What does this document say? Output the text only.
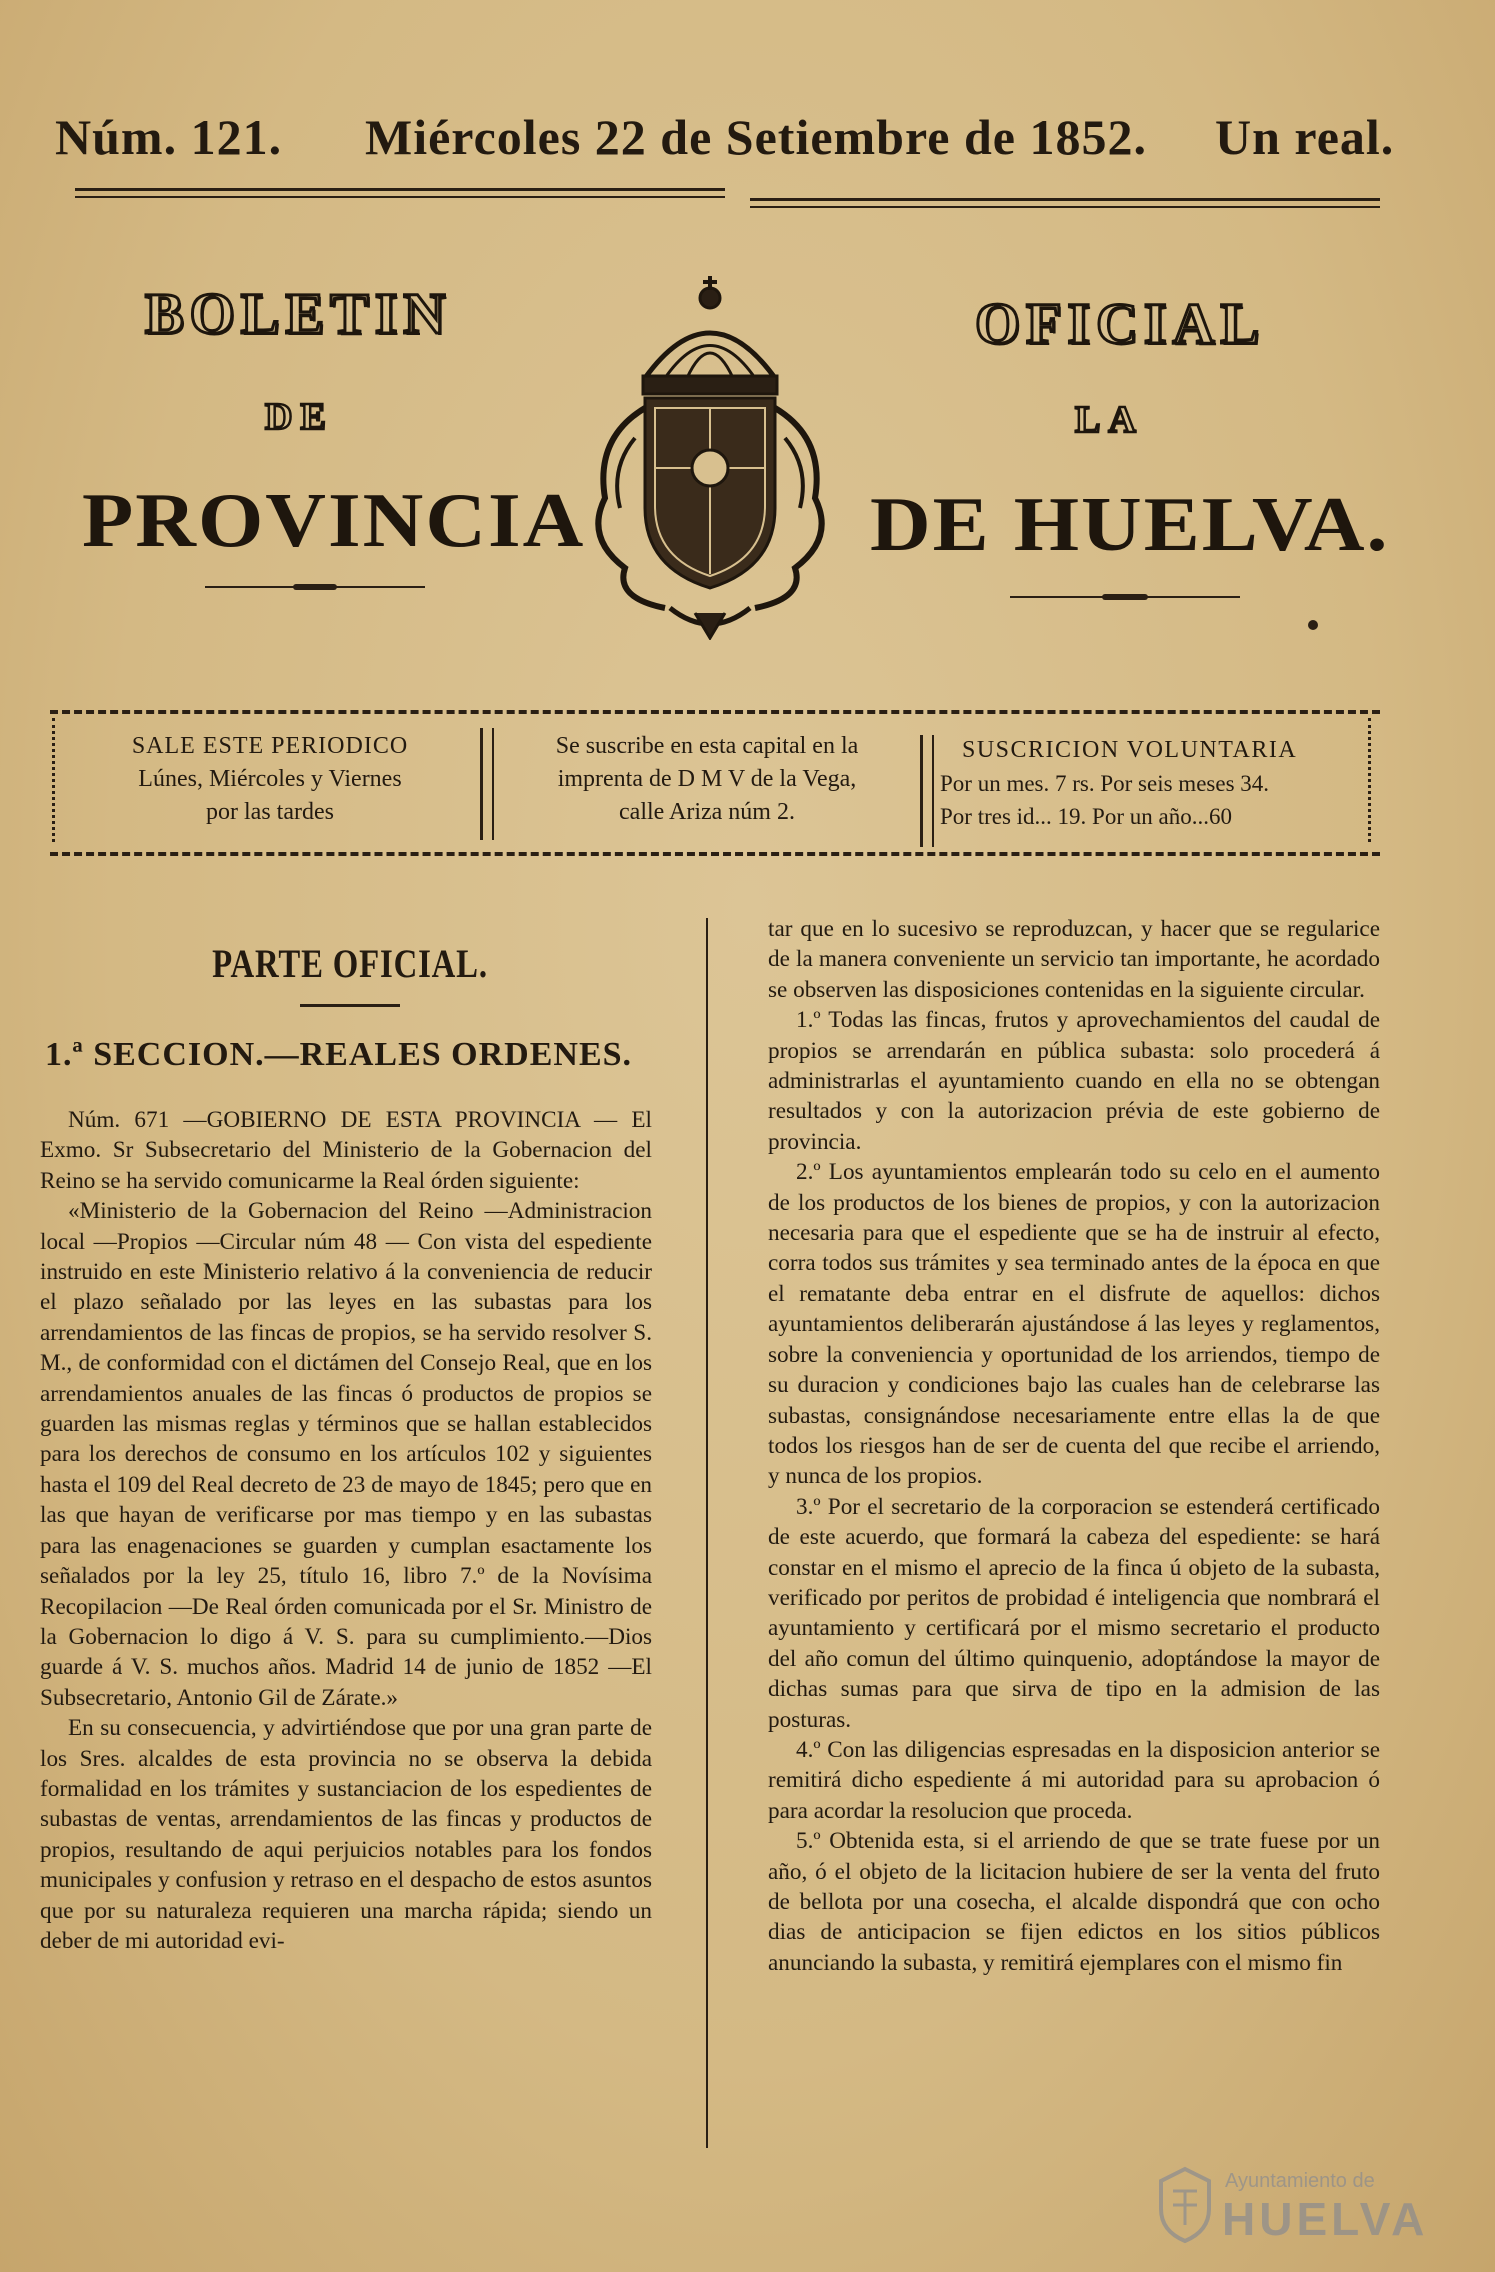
Núm. 121. Miércoles 22 de Setiembre de 1852. Un real.
BOLETIN	OFICIAL
DE	LA
PROVINCIA	DE HUELVA.
SALE ESTE PERIODICO
Lúnes, Miércoles y Viernes
por las tardes
Se suscribe en esta capital en la
imprenta de D M V de la Vega,
calle Ariza núm 2.
SUSCRICION VOLUNTARIA
Por un mes. 7 rs. Por seis meses 34.
Por tres id... 19. Por un año...60
PARTE OFICIAL.
1.ª SECCION.—REALES ORDENES.

Núm. 671 —GOBIERNO DE ESTA PROVINCIA — El Exmo. Sr Subsecretario del Ministerio de la Gobernacion del Reino se ha servido comunicarme la Real órden siguiente:

«Ministerio de la Gobernacion del Reino —Administracion local —Propios —Circular núm 48 — Con vista del espediente instruido en este Ministerio relativo á la conveniencia de reducir el plazo señalado por las leyes en las subastas para los arrendamientos de las fincas de propios, se ha servido resolver S. M., de conformidad con el dictámen del Consejo Real, que en los arrendamientos anuales de las fincas ó productos de propios se guarden las mismas reglas y términos que se hallan establecidos para los derechos de consumo en los artículos 102 y siguientes hasta el 109 del Real decreto de 23 de mayo de 1845; pero que en las que hayan de verificarse por mas tiempo y en las subastas para las enagenaciones se guarden y cumplan esactamente los señalados por la ley 25, título 16, libro 7.º de la Novísima Recopilacion —De Real órden comunicada por el Sr. Ministro de la Gobernacion lo digo á V. S. para su cumplimiento.—Dios guarde á V. S. muchos años. Madrid 14 de junio de 1852 —El Subsecretario, Antonio Gil de Zárate.»

En su consecuencia, y advirtiéndose que por una gran parte de los Sres. alcaldes de esta provincia no se observa la debida formalidad en los trámites y sustanciacion de los espedientes de subastas de ventas, arrendamientos de las fincas y productos de propios, resultando de aqui perjuicios notables para los fondos municipales y confusion y retraso en el despacho de estos asuntos que por su naturaleza requieren una marcha rápida; siendo un deber de mi autoridad evi-

tar que en lo sucesivo se reproduzcan, y hacer que se regularice de la manera conveniente un servicio tan importante, he acordado se observen las disposiciones contenidas en la siguiente circular.

1.º Todas las fincas, frutos y aprovechamientos del caudal de propios se arrendarán en pública subasta: solo procederá á administrarlas el ayuntamiento cuando en ella no se obtengan resultados y con la autorizacion prévia de este gobierno de provincia.

2.º Los ayuntamientos emplearán todo su celo en el aumento de los productos de los bienes de propios, y con la autorizacion necesaria para que el espediente que se ha de instruir al efecto, corra todos sus trámites y sea terminado antes de la época en que el rematante deba entrar en el disfrute de aquellos: dichos ayuntamientos deliberarán ajustándose á las leyes y reglamentos, sobre la conveniencia y oportunidad de los arriendos, tiempo de su duracion y condiciones bajo las cuales han de celebrarse las subastas, consignándose necesariamente entre ellas la de que todos los riesgos han de ser de cuenta del que recibe el arriendo, y nunca de los propios.

3.º Por el secretario de la corporacion se estenderá certificado de este acuerdo, que formará la cabeza del espediente: se hará constar en el mismo el aprecio de la finca ú objeto de la subasta, verificado por peritos de probidad é inteligencia que nombrará el ayuntamiento y certificará por el mismo secretario el producto del año comun del último quinquenio, adoptándose la mayor de dichas sumas para que sirva de tipo en la admision de las posturas.

4.º Con las diligencias espresadas en la disposicion anterior se remitirá dicho espediente á mi autoridad para su aprobacion ó para acordar la resolucion que proceda.

5.º Obtenida esta, si el arriendo de que se trate fuese por un año, ó el objeto de la licitacion hubiere de ser la venta del fruto de bellota por una cosecha, el alcalde dispondrá que con ocho dias de anticipacion se fijen edictos en los sitios públicos anunciando la subasta, y remitirá ejemplares con el mismo fin

Ayuntamiento de
HUELVA
